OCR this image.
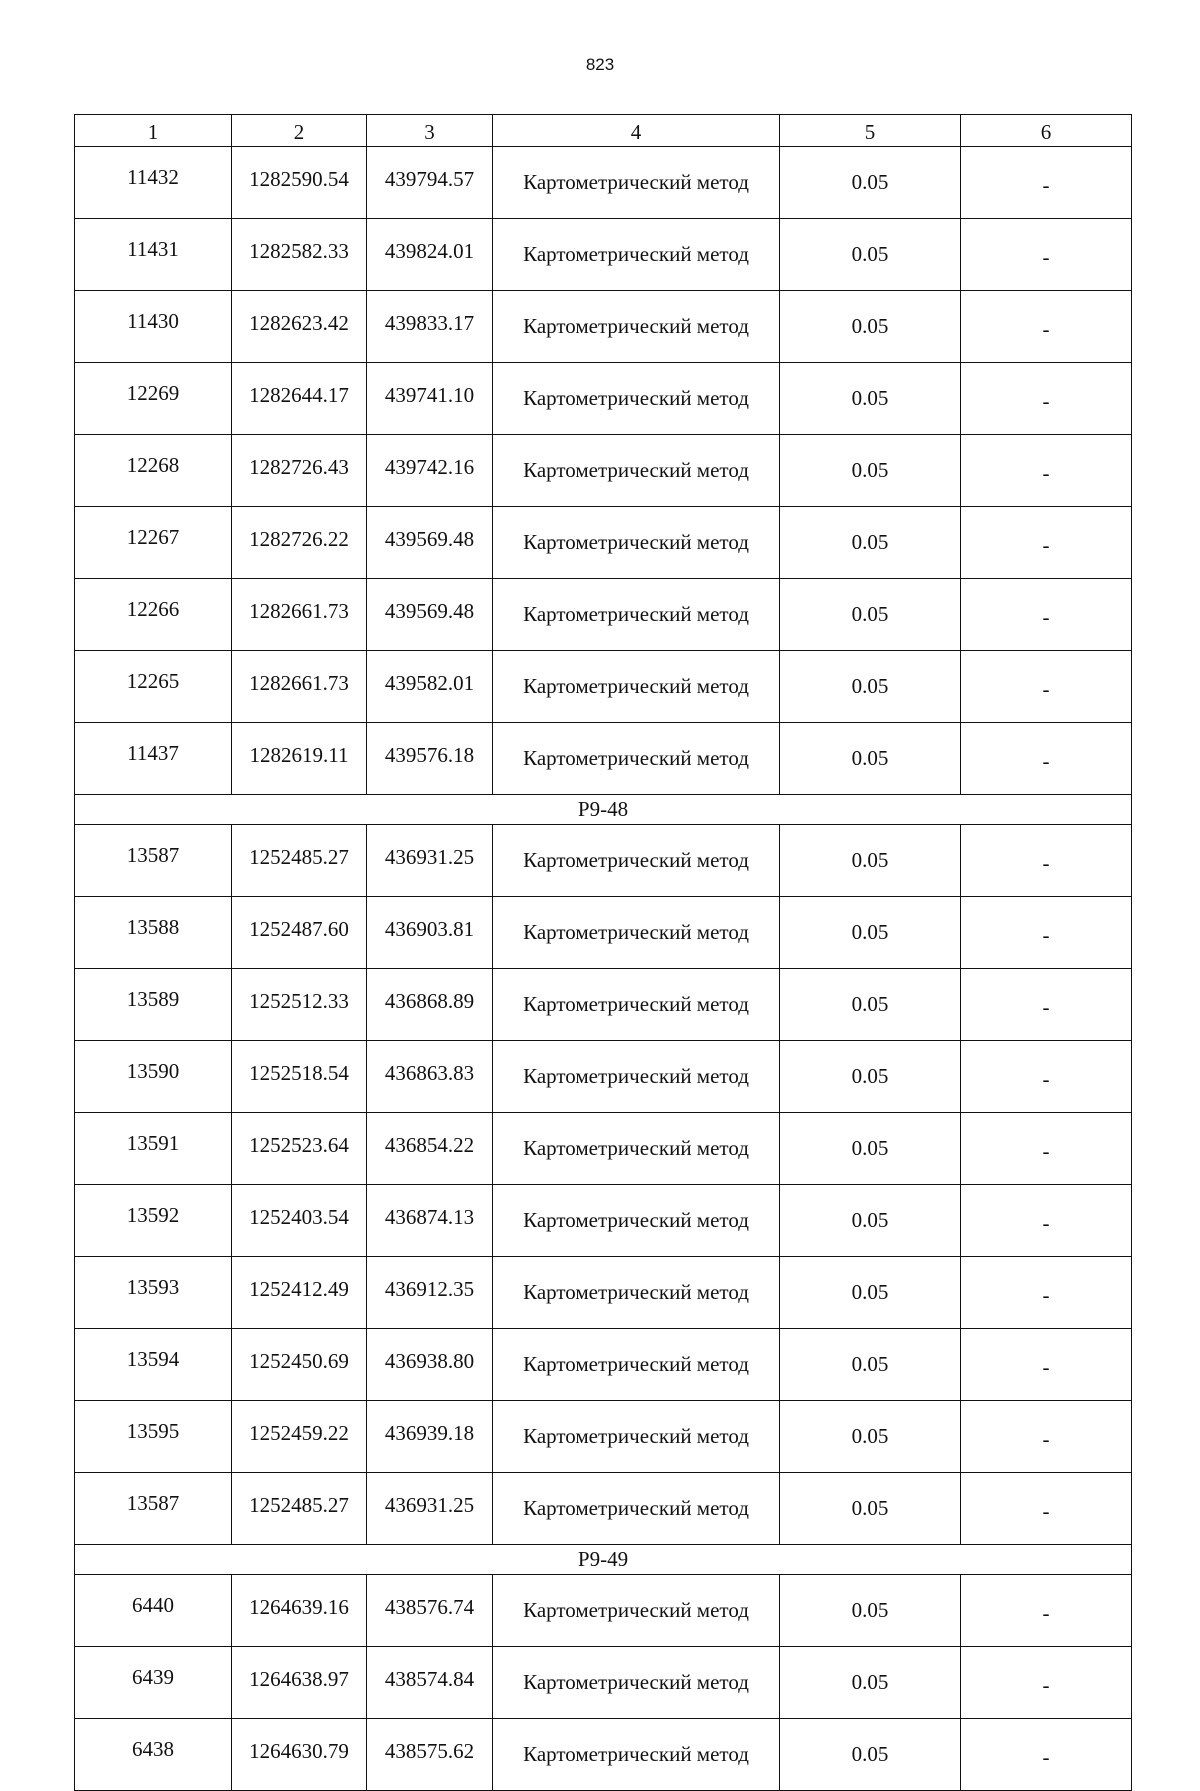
823
1	2	3	4	5	6
11432	1282590.54	439794.57	Картометрический метод	0.05	-
11431	1282582.33	439824.01	Картометрический метод	0.05	-
11430	1282623.42	439833.17	Картометрический метод	0.05	-
12269	1282644.17	439741.10	Картометрический метод	0.05	-
12268	1282726.43	439742.16	Картометрический метод	0.05	-
12267	1282726.22	439569.48	Картометрический метод	0.05	-
12266	1282661.73	439569.48	Картометрический метод	0.05	-
12265	1282661.73	439582.01	Картометрический метод	0.05	-
11437	1282619.11	439576.18	Картометрический метод	0.05	-
Р9-48					
13587	1252485.27	436931.25	Картометрический метод	0.05	-
13588	1252487.60	436903.81	Картометрический метод	0.05	-
13589	1252512.33	436868.89	Картометрический метод	0.05	-
13590	1252518.54	436863.83	Картометрический метод	0.05	-
13591	1252523.64	436854.22	Картометрический метод	0.05	-
13592	1252403.54	436874.13	Картометрический метод	0.05	-
13593	1252412.49	436912.35	Картометрический метод	0.05	-
13594	1252450.69	436938.80	Картометрический метод	0.05	-
13595	1252459.22	436939.18	Картометрический метод	0.05	-
13587	1252485.27	436931.25	Картометрический метод	0.05	-
Р9-49					
6440	1264639.16	438576.74	Картометрический метод	0.05	-
6439	1264638.97	438574.84	Картометрический метод	0.05	-
6438	1264630.79	438575.62	Картометрический метод	0.05	-
